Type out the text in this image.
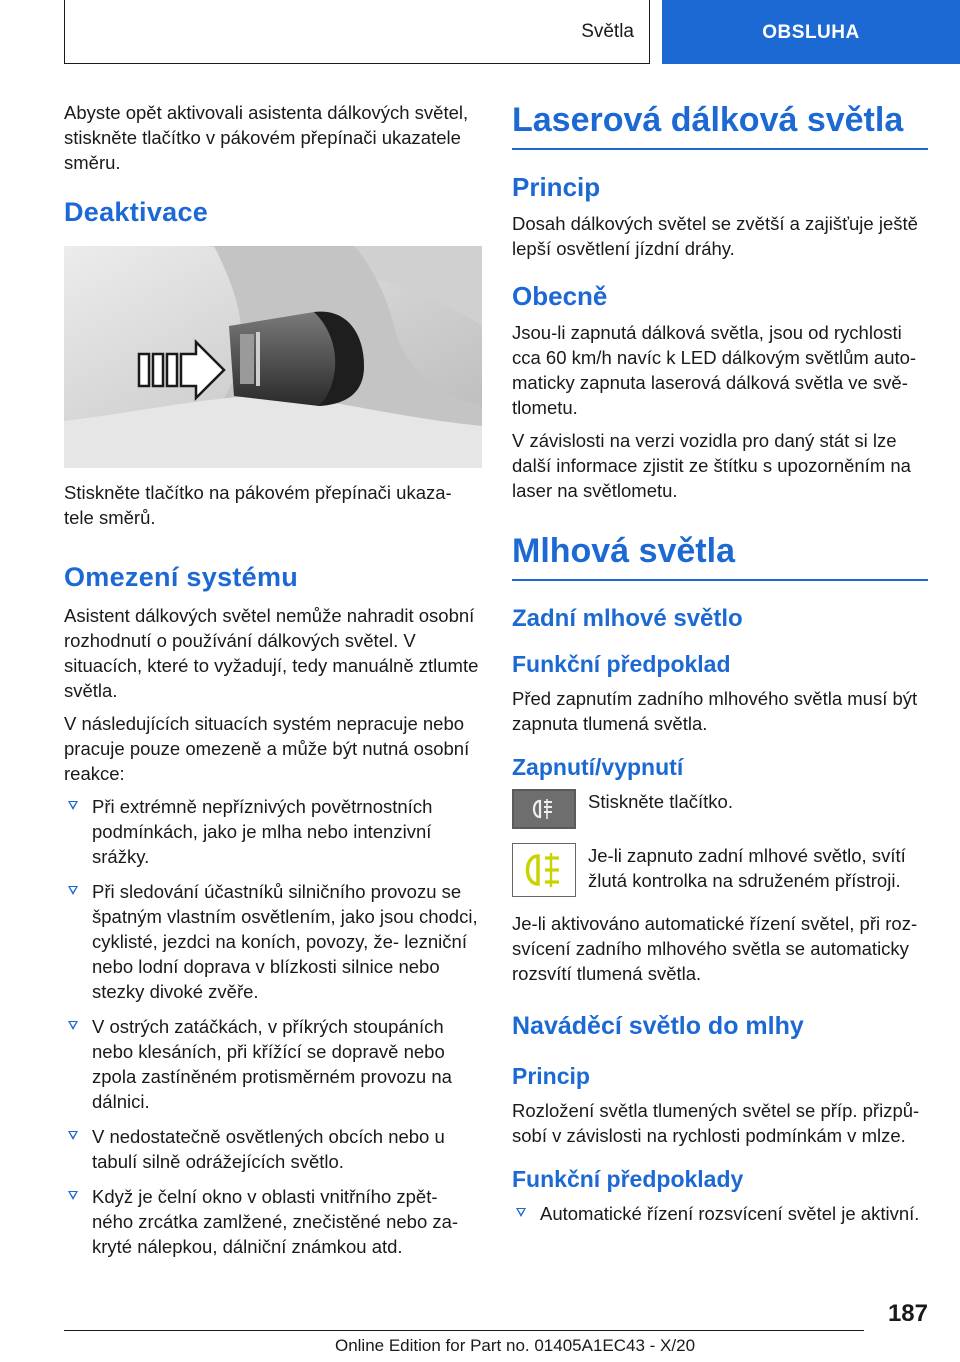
Světla	OBSLUHA

Abyste opět aktivovali asistenta dálkových světel, stiskněte tlačítko v pákovém přepínači ukazatele směru.

Deaktivace

Stiskněte tlačítko na pákovém přepínači ukaza‐ tele směrů.

Omezení systému

Asistent dálkových světel nemůže nahradit osobní rozhodnutí o používání dálkových světel. V situacích, které to vyžadují, tedy manuálně ztlumte světla.

V následujících situacích systém nepracuje nebo pracuje pouze omezeně a může být nutná osobní reakce:

Při extrémně nepříznivých povětrnostních podmínkách, jako je mlha nebo intenzivní srážky.
Při sledování účastníků silničního provozu se špatným vlastním osvětlením, jako jsou chodci, cyklisté, jezdci na koních, povozy, že‐ lezniční nebo lodní doprava v blízkosti silnice nebo stezky divoké zvěře.
V ostrých zatáčkách, v příkrých stoupáních nebo klesáních, při křížící se dopravě nebo zpola zastíněném protisměrném provozu na dálnici.
V nedostatečně osvětlených obcích nebo u tabulí silně odrážejících světlo.
Když je čelní okno v oblasti vnitřního zpět‐ ného zrcátka zamlžené, znečistěné nebo za‐ kryté nálepkou, dálniční známkou atd.
Laserová dálková světla
Princip

Dosah dálkových světel se zvětší a zajišťuje ještě lepší osvětlení jízdní dráhy.

Obecně

Jsou-li zapnutá dálková světla, jsou od rychlosti cca 60 km/h navíc k LED dálkovým světlům auto‐ maticky zapnuta laserová dálková světla ve svě‐ tlometu.

V závislosti na verzi vozidla pro daný stát si lze další informace zjistit ze štítku s upozorněním na laser na světlometu.

Mlhová světla
Zadní mlhové světlo
Funkční předpoklad

Před zapnutím zadního mlhového světla musí být zapnuta tlumená světla.

Zapnutí/vypnutí
Stiskněte tlačítko.
Je-li zapnuto zadní mlhové světlo, svítí žlutá kontrolka na sdruženém přístroji.

Je-li aktivováno automatické řízení světel, při roz‐ svícení zadního mlhového světla se automaticky rozsvítí tlumená světla.

Naváděcí světlo do mlhy
Princip

Rozložení světla tlumených světel se příp. přizpů‐ sobí v závislosti na rychlosti podmínkám v mlze.

Funkční předpoklady
Automatické řízení rozsvícení světel je aktivní.
187
Online Edition for Part no. 01405A1EC43 - X/20
